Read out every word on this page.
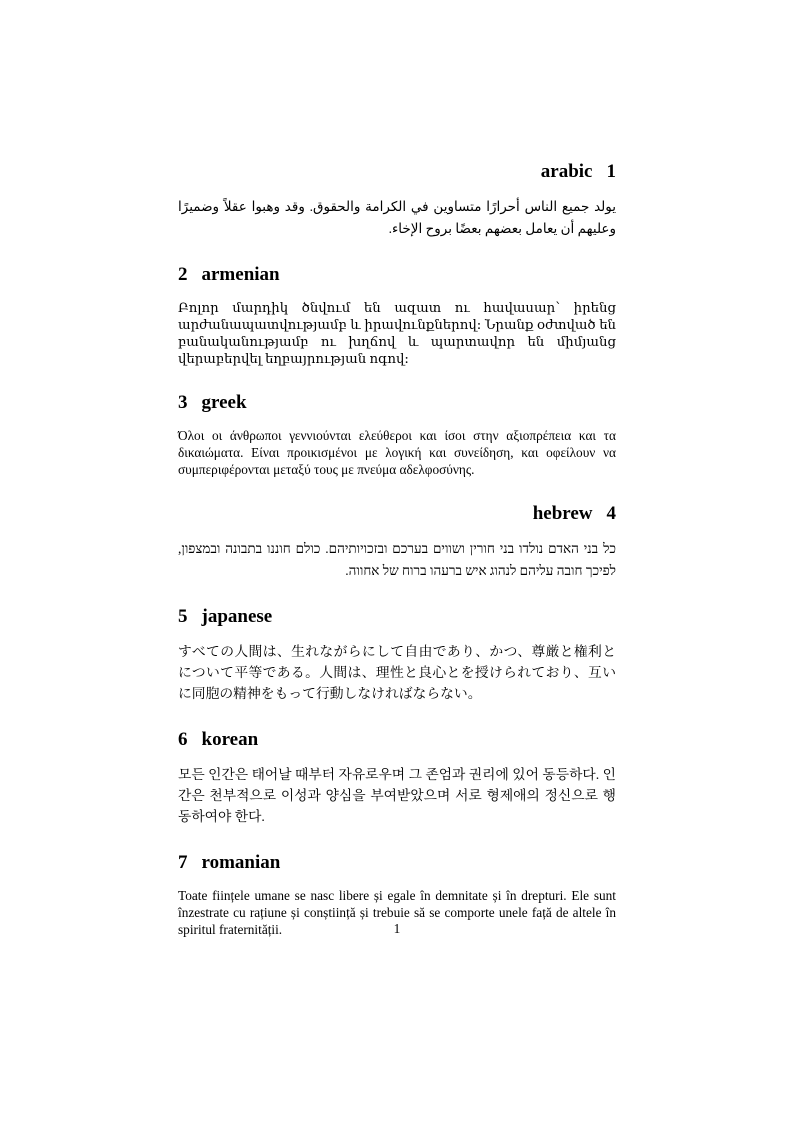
arabic 1

يولد جميع الناس أحرارًا متساوين في الكرامة والحقوق. وقد وهبوا عقلاً وضميرًا وعليهم أن يعامل بعضهم بعضًا بروح الإخاء.

2 armenian

Բոլոր մարդիկ ծնվում են ազատ ու հավասար՝ իրենց արժանապատվությամբ և իրավունքներով։ Նրանք օժտված են բանականությամբ ու խղճով և պարտավոր են միմյանց վերաբերվել եղբայրության ոգով։

3 greek

Όλοι οι άνθρωποι γεννιούνται ελεύθεροι και ίσοι στην αξιοπρέπεια και τα δικαιώματα. Είναι προικισμένοι με λογική και συνείδηση, και οφείλουν να συμπεριφέρονται μεταξύ τους με πνεύμα αδελφοσύνης.

hebrew 4

כל בני האדם נולדו בני חורין ושווים בערכם ובזכויותיהם. כולם חוננו בתבונה ובמצפון, לפיכך חובה עליהם לנהוג איש ברעהו ברוח של אחווה.

5 japanese

すべての人間は、生れながらにして自由であり、かつ、尊厳と権利とについて平等である。人間は、理性と良心とを授けられており、互いに同胞の精神をもって行動しなければならない。

6 korean

모든 인간은 태어날 때부터 자유로우며 그 존엄과 권리에 있어 동등하다. 인간은 천부적으로 이성과 양심을 부여받았으며 서로 형제애의 정신으로 행동하여야 한다.

7 romanian

Toate ființele umane se nasc libere și egale în demnitate și în drepturi. Ele sunt înzestrate cu rațiune și conștiință și trebuie să se comporte unele față de altele în spiritul fraternității.	1
